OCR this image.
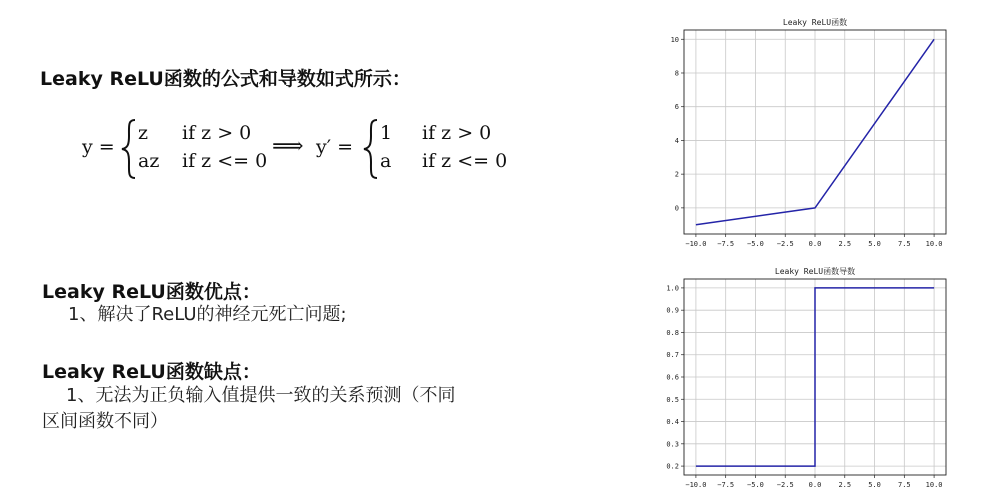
Leaky ReLU函数的公式和导数如式所示：
y =
z if z > 0
az if z <= 0
⟹ y′ =
1 if z > 0
a if z <= 0
Leaky ReLU函数优点：
1、解决了ReLU的神经元死亡问题;
Leaky ReLU函数缺点：
1、无法为正负输入值提供一致的关系预测（不同
区间函数不同）
Leaky ReLU函数
−10.0 −7.5 −5.0 −2.5 0.0 2.5 5.0 7.5 10.0
0
2
4
6
8
10
Leaky ReLU函数导数
−10.0 −7.5 −5.0 −2.5 0.0 2.5 5.0 7.5 10.0
0.2
0.3
0.4
0.5
0.6
0.7
0.8
0.9
1.0
